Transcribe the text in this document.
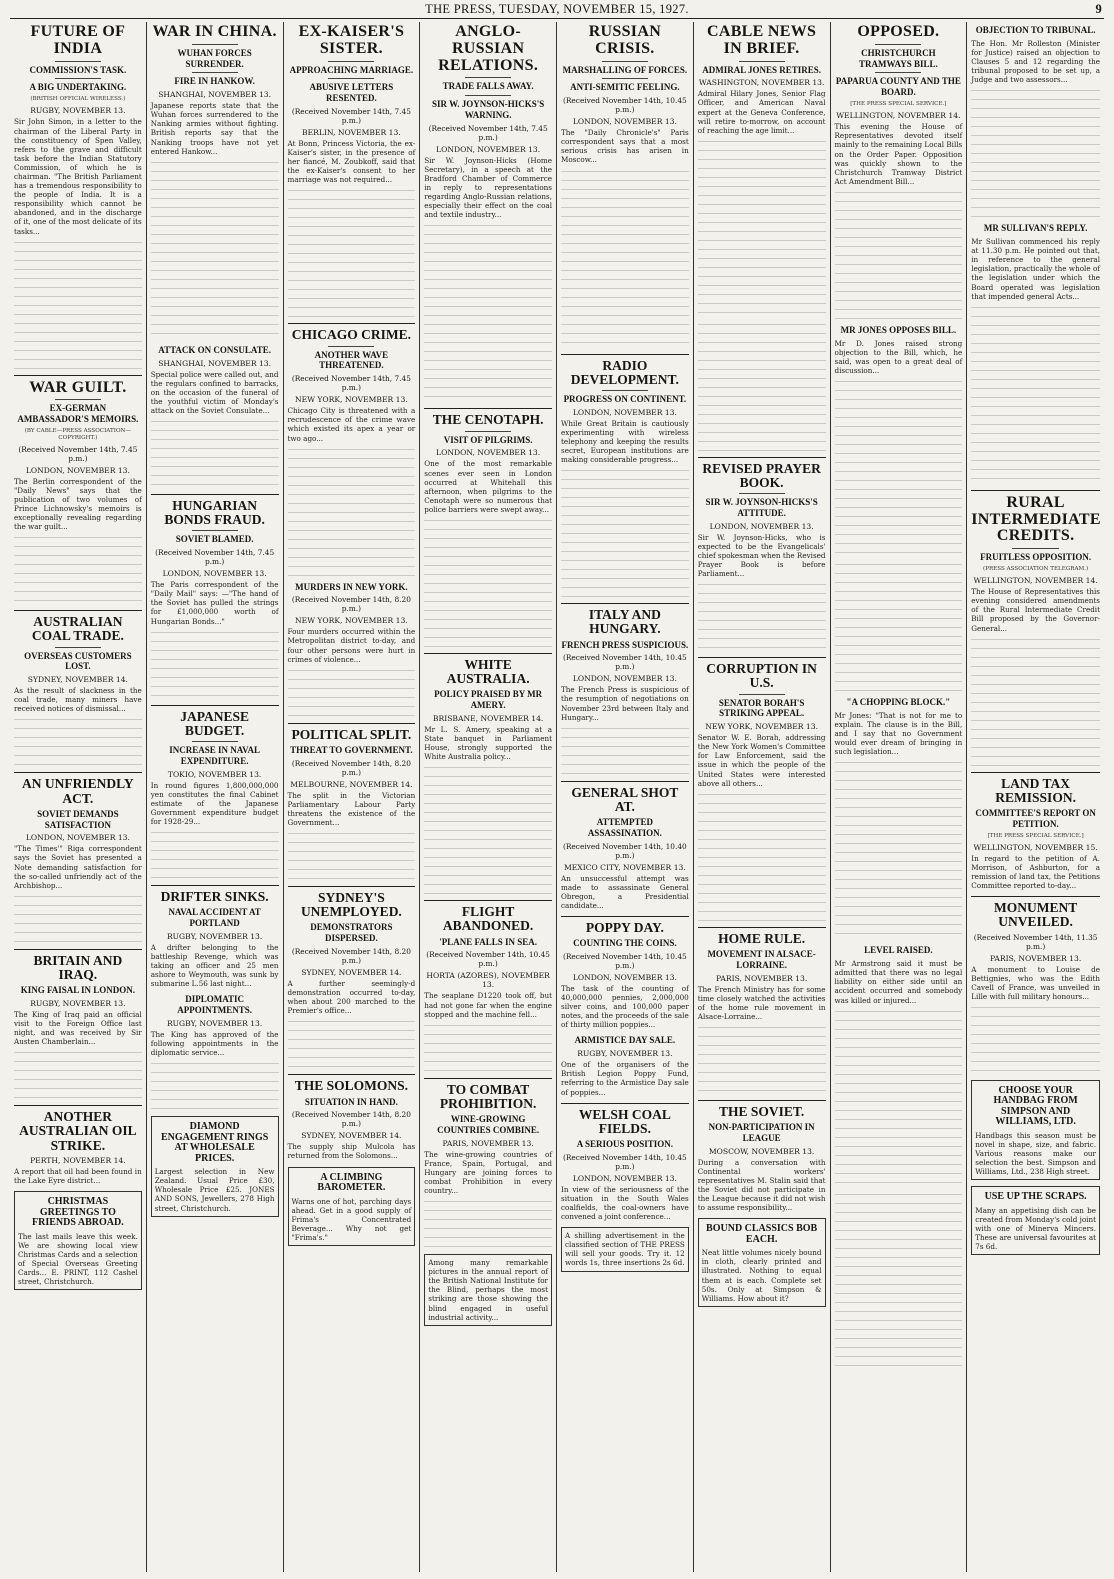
THE PRESS, TUESDAY, NOVEMBER 15, 1927.	9
FUTURE OF INDIA
COMMISSION'S TASK.
A BIG UNDERTAKING.
(BRITISH OFFICIAL WIRELESS.)
RUGBY, NOVEMBER 13.

Sir John Simon, in a letter to the chairman of the Liberal Party in the constituency of Spen Valley, refers to the grave and difficult task before the Indian Statutory Commission, of which he is chairman. "The British Parliament has a tremendous responsibility to the people of India. It is a responsibility which cannot be abandoned, and in the discharge of it, one of the most delicate of its tasks...

WAR GUILT.
EX-GERMAN AMBASSADOR'S MEMOIRS.
(BY CABLE—PRESS ASSOCIATION—COPYRIGHT.)
(Received November 14th, 7.45 p.m.)
LONDON, NOVEMBER 13.

The Berlin correspondent of the "Daily News" says that the publication of two volumes of Prince Lichnowsky's memoirs is exceptionally revealing regarding the war guilt...

AUSTRALIAN COAL TRADE.
OVERSEAS CUSTOMERS LOST.
SYDNEY, NOVEMBER 14.

As the result of slackness in the coal trade, many miners have received notices of dismissal...

AN UNFRIENDLY ACT.
SOVIET DEMANDS SATISFACTION
LONDON, NOVEMBER 13.

"The Times'" Riga correspondent says the Soviet has presented a Note demanding satisfaction for the so-called unfriendly act of the Archbishop...

BRITAIN AND IRAQ.
KING FAISAL IN LONDON.
RUGBY, NOVEMBER 13.

The King of Iraq paid an official visit to the Foreign Office last night, and was received by Sir Austen Chamberlain...

ANOTHER AUSTRALIAN OIL STRIKE.
PERTH, NOVEMBER 14.

A report that oil had been found in the Lake Eyre district...

CHRISTMAS GREETINGS TO FRIENDS ABROAD.

The last mails leave this week. We are showing local view Christmas Cards and a selection of Special Overseas Greeting Cards... E. PRINT, 112 Cashel street, Christchurch.

WAR IN CHINA.
WUHAN FORCES SURRENDER.
FIRE IN HANKOW.
SHANGHAI, NOVEMBER 13.

Japanese reports state that the Wuhan forces surrendered to the Nanking armies without fighting. British reports say that the Nanking troops have not yet entered Hankow...

ATTACK ON CONSULATE.
SHANGHAI, NOVEMBER 13.

Special police were called out, and the regulars confined to barracks, on the occasion of the funeral of the youthful victim of Monday's attack on the Soviet Consulate...

HUNGARIAN BONDS FRAUD.
SOVIET BLAMED.
(Received November 14th, 7.45 p.m.)
LONDON, NOVEMBER 13.

The Paris correspondent of the "Daily Mail" says: —"The hand of the Soviet has pulled the strings for £1,000,000 worth of Hungarian Bonds..."

JAPANESE BUDGET.
INCREASE IN NAVAL EXPENDITURE.
TOKIO, NOVEMBER 13.

In round figures 1,800,000,000 yen constitutes the final Cabinet estimate of the Japanese Government expenditure budget for 1928-29...

DRIFTER SINKS.
NAVAL ACCIDENT AT PORTLAND
RUGBY, NOVEMBER 13.

A drifter belonging to the battleship Revenge, which was taking an officer and 25 men ashore to Weymouth, was sunk by submarine L.56 last night...

DIPLOMATIC APPOINTMENTS.
RUGBY, NOVEMBER 13.

The King has approved of the following appointments in the diplomatic service...

DIAMOND ENGAGEMENT RINGS AT WHOLESALE PRICES.

Largest selection in New Zealand. Usual Price £30, Wholesale Price £25. JONES AND SONS, Jewellers, 278 High street, Christchurch.

EX-KAISER'S SISTER.
APPROACHING MARRIAGE.
ABUSIVE LETTERS RESENTED.
(Received November 14th, 7.45 p.m.)
BERLIN, NOVEMBER 13.

At Bonn, Princess Victoria, the ex-Kaiser's sister, in the presence of her fiancé, M. Zoubkoff, said that the ex-Kaiser's consent to her marriage was not required...

CHICAGO CRIME.
ANOTHER WAVE THREATENED.
(Received November 14th, 7.45 p.m.)
NEW YORK, NOVEMBER 13.

Chicago City is threatened with a recrudescence of the crime wave which existed its apex a year or two ago...

MURDERS IN NEW YORK.
(Received November 14th, 8.20 p.m.)
NEW YORK, NOVEMBER 13.

Four murders occurred within the Metropolitan district to-day, and four other persons were hurt in crimes of violence...

POLITICAL SPLIT.
THREAT TO GOVERNMENT.
(Received November 14th, 8.20 p.m.)
MELBOURNE, NOVEMBER 14.

The split in the Victorian Parliamentary Labour Party threatens the existence of the Government...

SYDNEY'S UNEMPLOYED.
DEMONSTRATORS DISPERSED.
(Received November 14th, 8.20 p.m.)
SYDNEY, NOVEMBER 14.

A further seemingly-d demonstration occurred to-day, when about 200 marched to the Premier's office...

THE SOLOMONS.
SITUATION IN HAND.
(Received November 14th, 8.20 p.m.)
SYDNEY, NOVEMBER 14.

The supply ship Mulcola has returned from the Solomons...

A CLIMBING BAROMETER.

Warns one of hot, parching days ahead. Get in a good supply of Frima's Concentrated Beverage... Why not get "Frima's."

ANGLO-RUSSIAN RELATIONS.
TRADE FALLS AWAY.
SIR W. JOYNSON-HICKS'S WARNING.
(Received November 14th, 7.45 p.m.)
LONDON, NOVEMBER 13.

Sir W. Joynson-Hicks (Home Secretary), in a speech at the Bradford Chamber of Commerce in reply to representations regarding Anglo-Russian relations, especially their effect on the coal and textile industry...

THE CENOTAPH.
VISIT OF PILGRIMS.
LONDON, NOVEMBER 13.

One of the most remarkable scenes ever seen in London occurred at Whitehall this afternoon, when pilgrims to the Cenotaph were so numerous that police barriers were swept away...

WHITE AUSTRALIA.
POLICY PRAISED BY MR AMERY.
BRISBANE, NOVEMBER 14.

Mr L. S. Amery, speaking at a State banquet in Parliament House, strongly supported the White Australia policy...

FLIGHT ABANDONED.
'PLANE FALLS IN SEA.
(Received November 14th, 10.45 p.m.)
HORTA (AZORES), NOVEMBER 13.

The seaplane D1220 took off, but had not gone far when the engine stopped and the machine fell...

TO COMBAT PROHIBITION.
WINE-GROWING COUNTRIES COMBINE.
PARIS, NOVEMBER 13.

The wine-growing countries of France, Spain, Portugal, and Hungary are joining forces to combat Prohibition in every country...

Among many remarkable pictures in the annual report of the British National Institute for the Blind, perhaps the most striking are those showing the blind engaged in useful industrial activity...

RUSSIAN CRISIS.
MARSHALLING OF FORCES.
ANTI-SEMITIC FEELING.
(Received November 14th, 10.45 p.m.)
LONDON, NOVEMBER 13.

The "Daily Chronicle's" Paris correspondent says that a most serious crisis has arisen in Moscow...

RADIO DEVELOPMENT.
PROGRESS ON CONTINENT.
LONDON, NOVEMBER 13.

While Great Britain is cautiously experimenting with wireless telephony and keeping the results secret, European institutions are making considerable progress...

ITALY AND HUNGARY.
FRENCH PRESS SUSPICIOUS.
(Received November 14th, 10.45 p.m.)
LONDON, NOVEMBER 13.

The French Press is suspicious of the resumption of negotiations on November 23rd between Italy and Hungary...

GENERAL SHOT AT.
ATTEMPTED ASSASSINATION.
(Received November 14th, 10.40 p.m.)
MEXICO CITY, NOVEMBER 13.

An unsuccessful attempt was made to assassinate General Obregon, a Presidential candidate...

POPPY DAY.
COUNTING THE COINS.
(Received November 14th, 10.45 p.m.)
LONDON, NOVEMBER 13.

The task of the counting of 40,000,000 pennies, 2,000,000 silver coins, and 100,000 paper notes, and the proceeds of the sale of thirty million poppies...

ARMISTICE DAY SALE.
RUGBY, NOVEMBER 13.

One of the organisers of the British Legion Poppy Fund, referring to the Armistice Day sale of poppies...

WELSH COAL FIELDS.
A SERIOUS POSITION.
(Received November 14th, 10.45 p.m.)
LONDON, NOVEMBER 13.

In view of the seriousness of the situation in the South Wales coalfields, the coal-owners have convened a joint conference...

A shilling advertisement in the classified section of THE PRESS will sell your goods. Try it. 12 words 1s, three insertions 2s 6d.

CABLE NEWS IN BRIEF.
ADMIRAL JONES RETIRES.
WASHINGTON, NOVEMBER 13.

Admiral Hilary Jones, Senior Flag Officer, and American Naval expert at the Geneva Conference, will retire to-morrow, on account of reaching the age limit...

REVISED PRAYER BOOK.
SIR W. JOYNSON-HICKS'S ATTITUDE.
LONDON, NOVEMBER 13.

Sir W. Joynson-Hicks, who is expected to be the Evangelicals' chief spokesman when the Revised Prayer Book is before Parliament...

CORRUPTION IN U.S.
SENATOR BORAH'S STRIKING APPEAL.
NEW YORK, NOVEMBER 13.

Senator W. E. Borah, addressing the New York Women's Committee for Law Enforcement, said the issue in which the people of the United States were interested above all others...

HOME RULE.
MOVEMENT IN ALSACE-LORRAINE.
PARIS, NOVEMBER 13.

The French Ministry has for some time closely watched the activities of the home rule movement in Alsace-Lorraine...

THE SOVIET.
NON-PARTICIPATION IN LEAGUE
MOSCOW, NOVEMBER 13.

During a conversation with Continental workers' representatives M. Stalin said that the Soviet did not participate in the League because it did not wish to assume responsibility...

BOUND CLASSICS BOB EACH.

Neat little volumes nicely bound in cloth, clearly printed and illustrated. Nothing to equal them at is each. Complete set 50s. Only at Simpson & Williams. How about it?

OPPOSED.
CHRISTCHURCH TRAMWAYS BILL.
PAPARUA COUNTY AND THE BOARD.
[THE PRESS SPECIAL SERVICE.]
WELLINGTON, NOVEMBER 14.

This evening the House of Representatives devoted itself mainly to the remaining Local Bills on the Order Paper. Opposition was quickly shown to the Christchurch Tramway District Act Amendment Bill...

MR JONES OPPOSES BILL.

Mr D. Jones raised strong objection to the Bill, which, he said, was open to a great deal of discussion...

"A CHOPPING BLOCK."

Mr Jones: "That is not for me to explain. The clause is in the Bill, and I say that no Government would ever dream of bringing in such legislation...

LEVEL RAISED.

Mr Armstrong said it must be admitted that there was no legal liability on either side until an accident occurred and somebody was killed or injured...

OBJECTION TO TRIBUNAL.

The Hon. Mr Rolleston (Minister for Justice) raised an objection to Clauses 5 and 12 regarding the tribunal proposed to be set up, a Judge and two assessors...

MR SULLIVAN'S REPLY.

Mr Sullivan commenced his reply at 11.30 p.m. He pointed out that, in reference to the general legislation, practically the whole of the legislation under which the Board operated was legislation that impended general Acts...

RURAL INTERMEDIATE CREDITS.
FRUITLESS OPPOSITION.
(PRESS ASSOCIATION TELEGRAM.)
WELLINGTON, NOVEMBER 14.

The House of Representatives this evening considered amendments of the Rural Intermediate Credit Bill proposed by the Governor-General...

LAND TAX REMISSION.
COMMITTEE'S REPORT ON PETITION.
[THE PRESS SPECIAL SERVICE.]
WELLINGTON, NOVEMBER 15.

In regard to the petition of A. Morrison, of Ashburton, for a remission of land tax, the Petitions Committee reported to-day...

MONUMENT UNVEILED.
(Received November 14th, 11.35 p.m.)
PARIS, NOVEMBER 13.

A monument to Louise de Bettignies, who was the Edith Cavell of France, was unveiled in Lille with full military honours...

CHOOSE YOUR HANDBAG FROM SIMPSON AND WILLIAMS, LTD.

Handbags this season must be novel in shape, size, and fabric. Various reasons make our selection the best. Simpson and Williams, Ltd., 238 High street.

USE UP THE SCRAPS.

Many an appetising dish can be created from Monday's cold joint with one of Minerva Mincers. These are universal favourites at 7s 6d.
